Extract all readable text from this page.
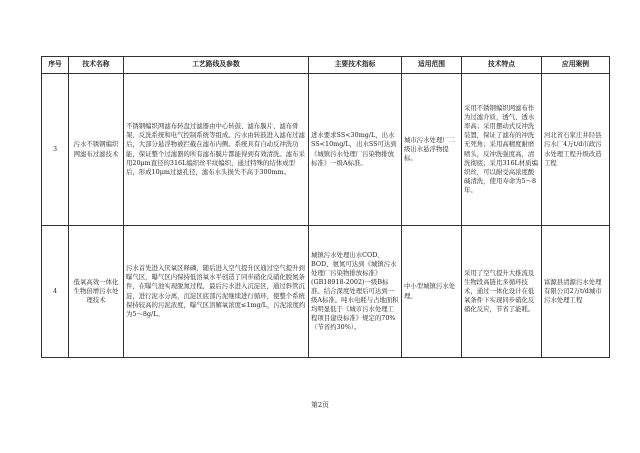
序号	技术名称	工艺路线及参数	主要技术指标	适用范围	技术特点	应用案例
3	污水不锈钢编织网滤布过滤技术	不锈钢编织网滤布转盘过滤器由中心转鼓、滤布膜片、滤布骨架、反洗系统和电气控制系统等组成。污水由转鼓进入滤布过滤后，大部分悬浮物被拦截在滤布内侧。系统具有自动反冲洗功能，保证整个过滤器的所有滤布膜片都能得到有效清洗。滤布采用20μm直径的316L编织丝平纹编织，通过特殊的结体成型后，形成10μm过滤孔径，滤布水头损失不高于300mm。	进水要求SS<30mg/L，出水SS<10mg/L，出水SS可达到《城镇污水处理厂污染物排放标准》一级A标准。	城市污水处理厂二级出水悬浮物提标。	采用不锈钢编织网滤布作为过滤介质，透气、透水率高；采用摆动式反冲洗装置，保证了滤布的冲洗无死角；采用高精度耐磨喷头，反冲洗强度高，清洗彻底；采用316L材质编织丝，可以耐受高浓度酸碱清洗，使用寿命为5～8年。	河北省石家庄井陉县污水厂4万t/d市政污水处理工程升级改造工程
4	低氧高效一体化生物倍增污水处理技术	污水首先进入厌氧区释磷，随后进入空气提升区通过空气提升到曝气区，曝气区内保持低溶氧水平创造了同步硝化反硝化脱氮条件，在曝气池实现脱氮过程，最后污水进入沉淀区，通过斜管沉淀，进行泥水分离，沉淀区底部污泥继续进行循环，使整个系统保持较高的污泥浓度，曝气区溶解氧浓度≤1mg/L，污泥浓度约为5～8g/L。	城镇污水处理出水COD、BOD、氨氮可达到《城镇污水处理厂污染物排放标准》(GB18918-2002)一级B标准。结合深度处理后可达到一级A标准。吨水电耗与占地面积均明显低于《城市污水处理工程项目建设标准》规定的70%（节省约30%）。	中小型城镇污水处理。	采用了空气提升大推流及生物段高链比多循环技术，通过一体化设计在低氧条件下实现同步硝化反硝化反应，节省了能耗。	富源县清源污水处理有限公司2万t/d城市污水处理工程
第2页
